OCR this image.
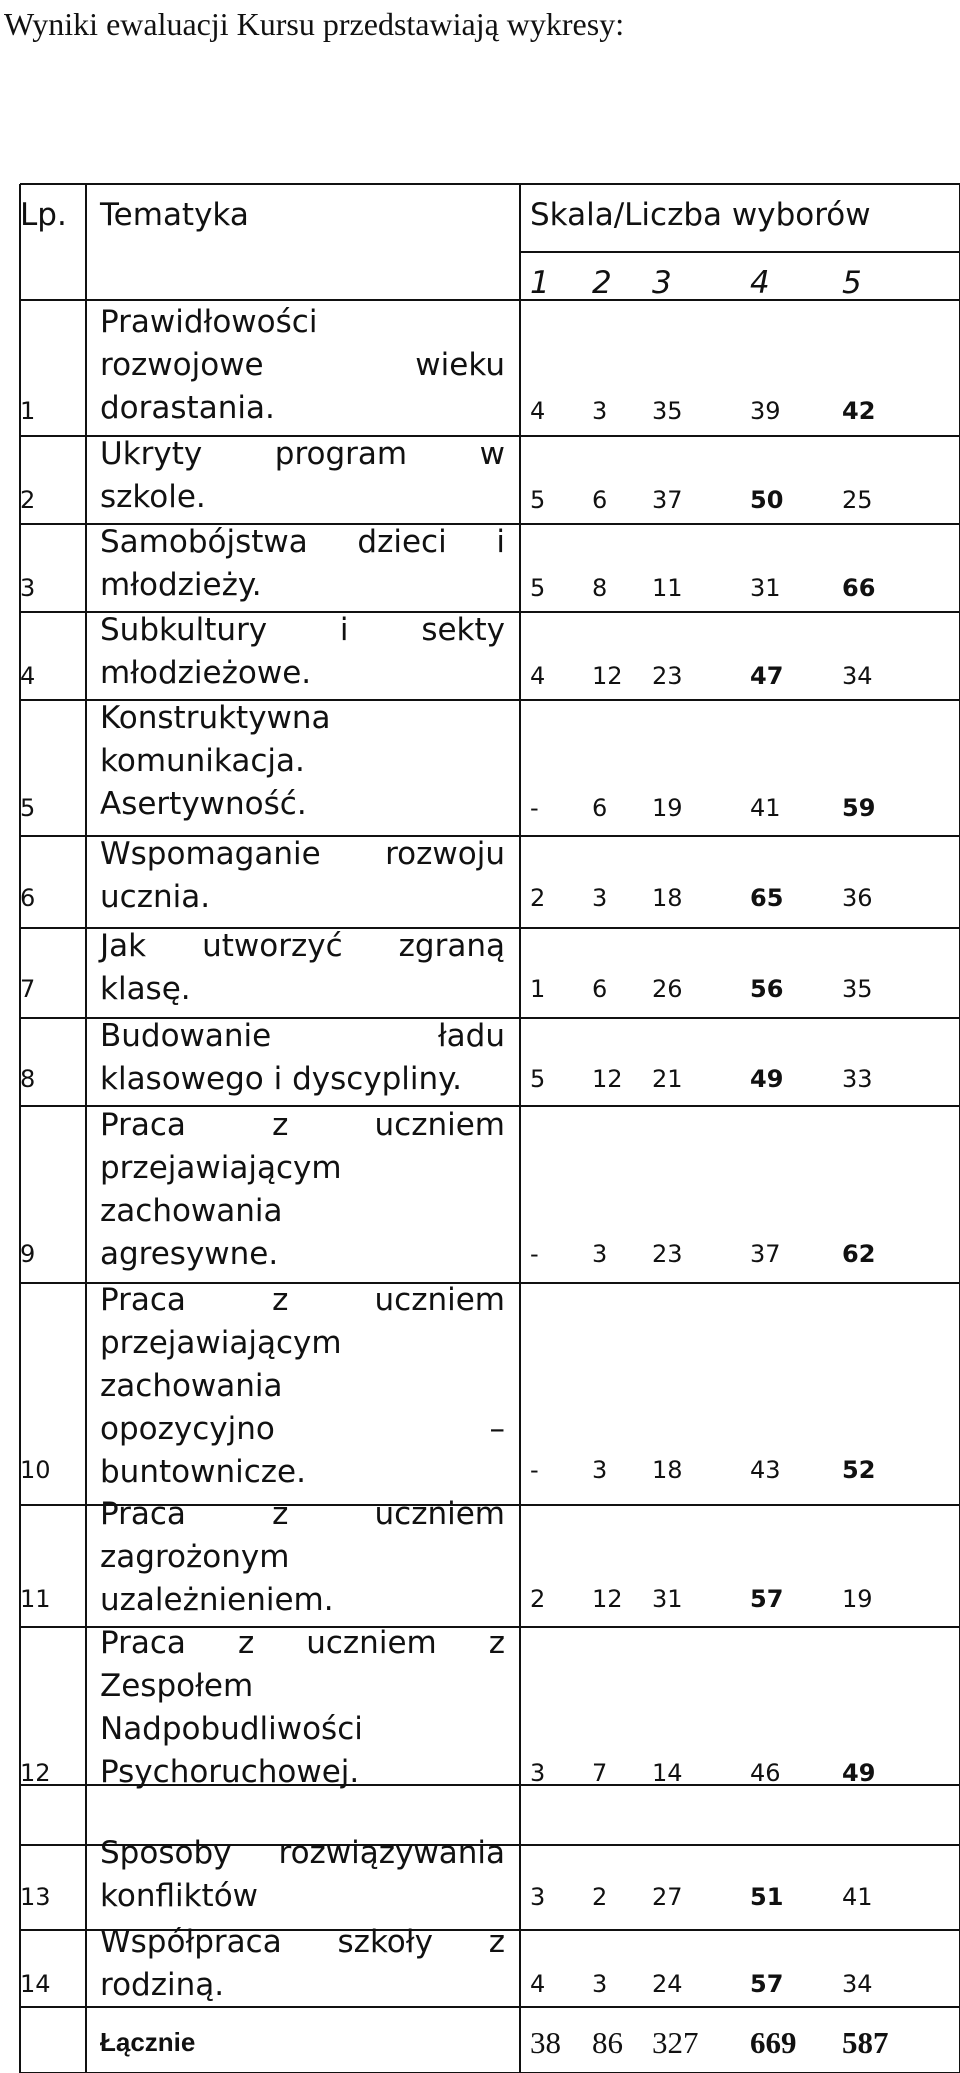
Wyniki ewaluacji Kursu przedstawiają wykresy:
Lp. Tematyka	Skala/Liczba wyborów
1 2 3	4 5
1
Prawidłowości
rozwojowe wieku
dorastania.	4 3 35	39	42
2
Ukryty program w
szkole.	5 6 37	50 25
3
Samobójstwa dzieci i
młodzieży.	5 8 11	31	66
4
Subkultury i sekty
młodzieżowe.	4 12 23	47 34
5
Konstruktywna
komunikacja.
Asertywność.	- 6 19	41	59
6
Wspomaganie rozwoju
ucznia.	2 3 18	65 36
7
Jak utworzyć zgraną
klasę.	1 6 26	56 35
8
Budowanie ładu
klasowego i dyscypliny.	5 12 21	49 33
9
Praca z uczniem
przejawiającym
zachowania
agresywne.	- 3 23	37	62
10
Praca z uczniem
przejawiającym
zachowania
opozycyjno –
buntownicze.	- 3 18	43	52
11
Praca z uczniem
zagrożonym
uzależnieniem.	2 12 31	57 19
12
Praca z uczniem z
Zespołem
Nadpobudliwości
Psychoruchowej.	3 7 14	46	49
13
Sposoby rozwiązywania
konfliktów	3 2 27	51 41
14
Współpraca szkoły z
rodziną.	4 3 24	57 34
Łącznie	38 86 327 669 587
